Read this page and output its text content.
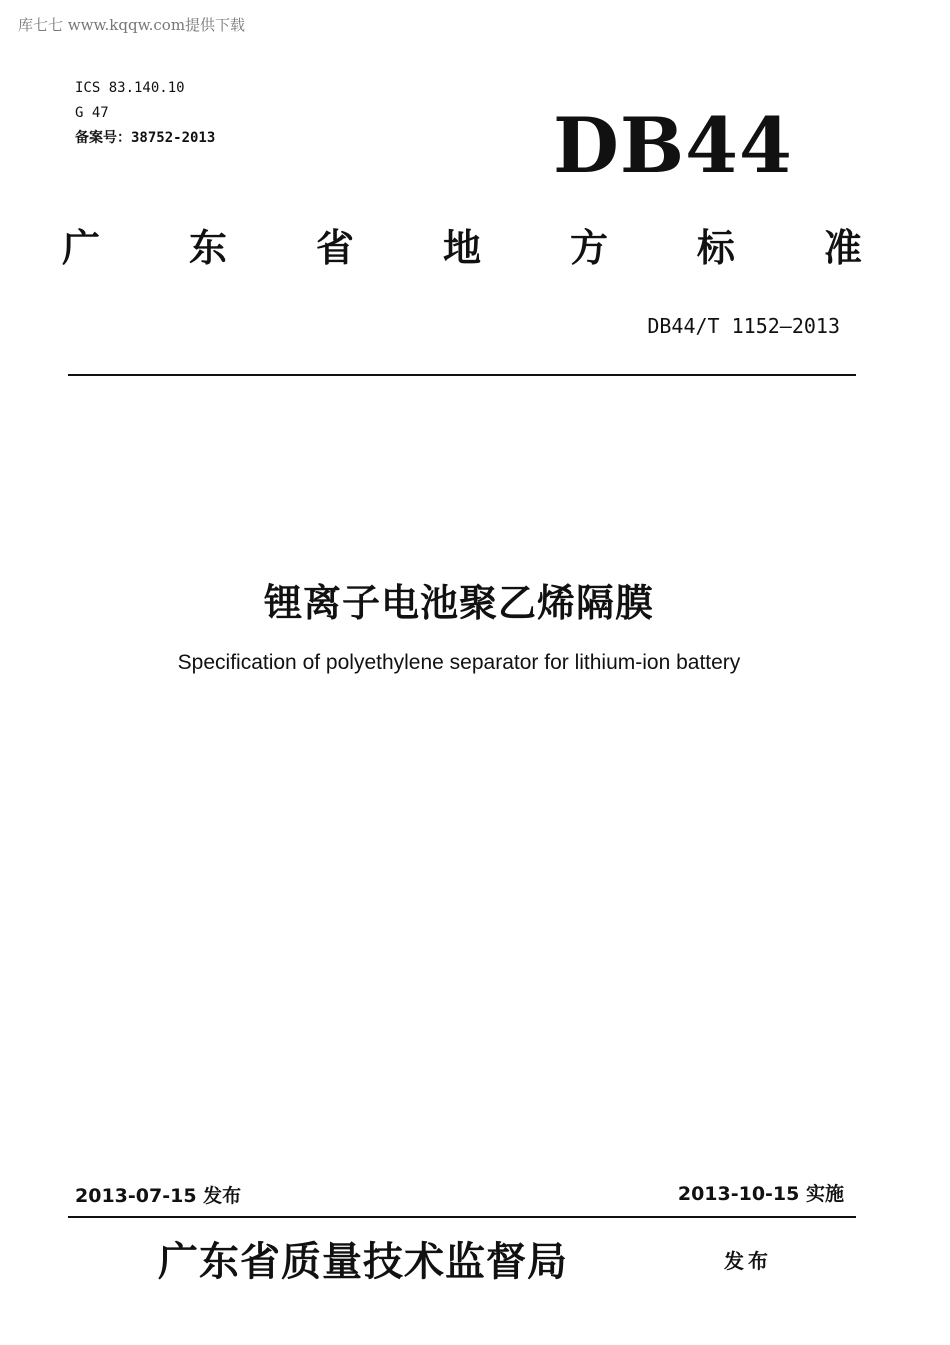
库七七 www.kqqw.com提供下载
ICS 83.140.10
G 47
备案号：38752-2013	DB44
广 东 省 地 方 标 准
DB44/T 1152—2013
锂离子电池聚乙烯隔膜
Specification of polyethylene separator for lithium-ion battery
2013-07-15 发布	2013-10-15 实施
广东省质量技术监督局	发布
